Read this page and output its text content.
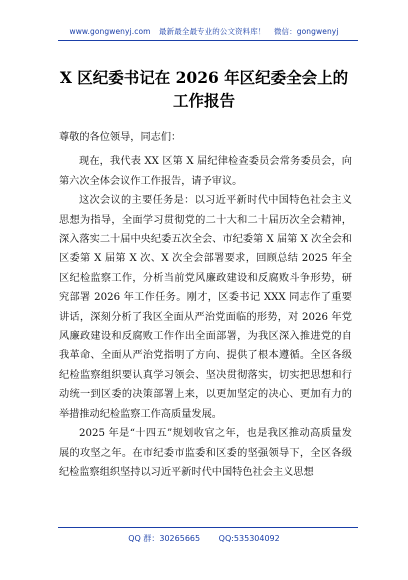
www.gongwenyj.com 最新最全最专业的公文资料库！ 微信：gongwenyj
X 区纪委书记在 2026 年区纪委全会上的
工作报告

尊敬的各位领导，同志们：

现在，我代表 XX 区第 X 届纪律检查委员会常务委员会，向第六次全体会议作工作报告，请予审议。

这次会议的主要任务是：以习近平新时代中国特色社会主义思想为指导，全面学习贯彻党的二十大和二十届历次全会精神，深入落实二十届中央纪委五次全会、市纪委第 X 届第 X 次全会和区委第 X 届第 X 次、X 次全会部署要求，回顾总结 2025 年全区纪检监察工作，分析当前党风廉政建设和反腐败斗争形势，研究部署 2026 年工作任务。刚才，区委书记 XXX 同志作了重要讲话，深刻分析了我区全面从严治党面临的形势，对 2026 年党风廉政建设和反腐败工作作出全面部署，为我区深入推进党的自我革命、全面从严治党指明了方向、提供了根本遵循。全区各级纪检监察组织要认真学习领会、坚决贯彻落实，切实把思想和行动统一到区委的决策部署上来，以更加坚定的决心、更加有力的举措推动纪检监察工作高质量发展。

2025 年是“十四五”规划收官之年，也是我区推动高质量发展的攻坚之年。在市纪委市监委和区委的坚强领导下，全区各级纪检监察组织坚持以习近平新时代中国特色社会主义思想

QQ 群：30265665 QQ:535304092
